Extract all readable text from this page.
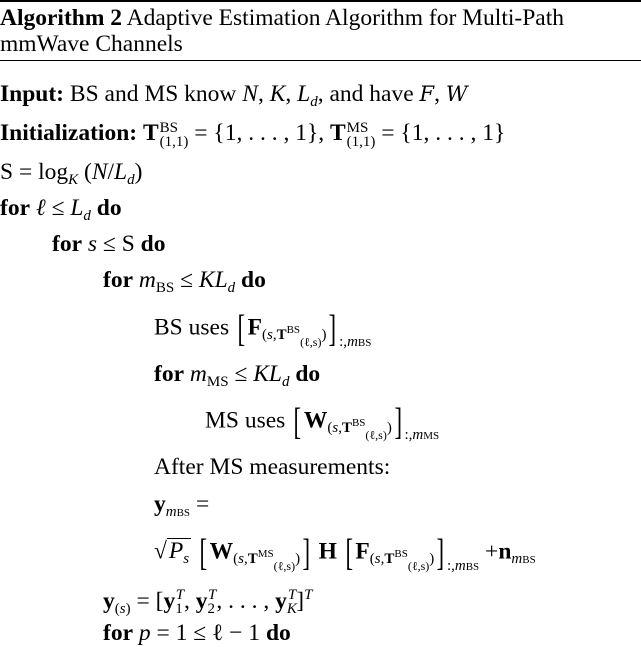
Algorithm 2 Adaptive Estimation Algorithm for Multi-Path
mmWave Channels
Input: BS and MS know N, K, $L_d$, and have F, W
Initialization: T BS
(1,1) = {1, . . . , 1}, T MS
(1,1) = {1, . . . , 1}
$S = \log_K (N/L_d)$
for ℓ ≤ $L_d$ do
for s ≤ S do
for $m_{BS} \le KL_d$ do
BS uses [ $F_{(s,T^{BS}_{(\ell,s)})}$] $_{:,mBS}$
for $m_{MS} \le KL_d$ do
MS uses [ $W_{(s,T^{BS}_{(\ell,s)})}$] $_{:,mMS}$
After MS measurements:
$y_{mBS}$ =
$√P_s$ [ $W_{(s,T^{MS}_{(\ell,s)})}$] H [ $F_{(s,T^{BS}_{(\ell,s)})}$] $_{:,mBS} +n_{mBS}$
$y_{(s)} = [y_1^T$, $y_2^T$, . . . , $y_K^T]^T$
for p = 1 ≤ ℓ − 1 do
